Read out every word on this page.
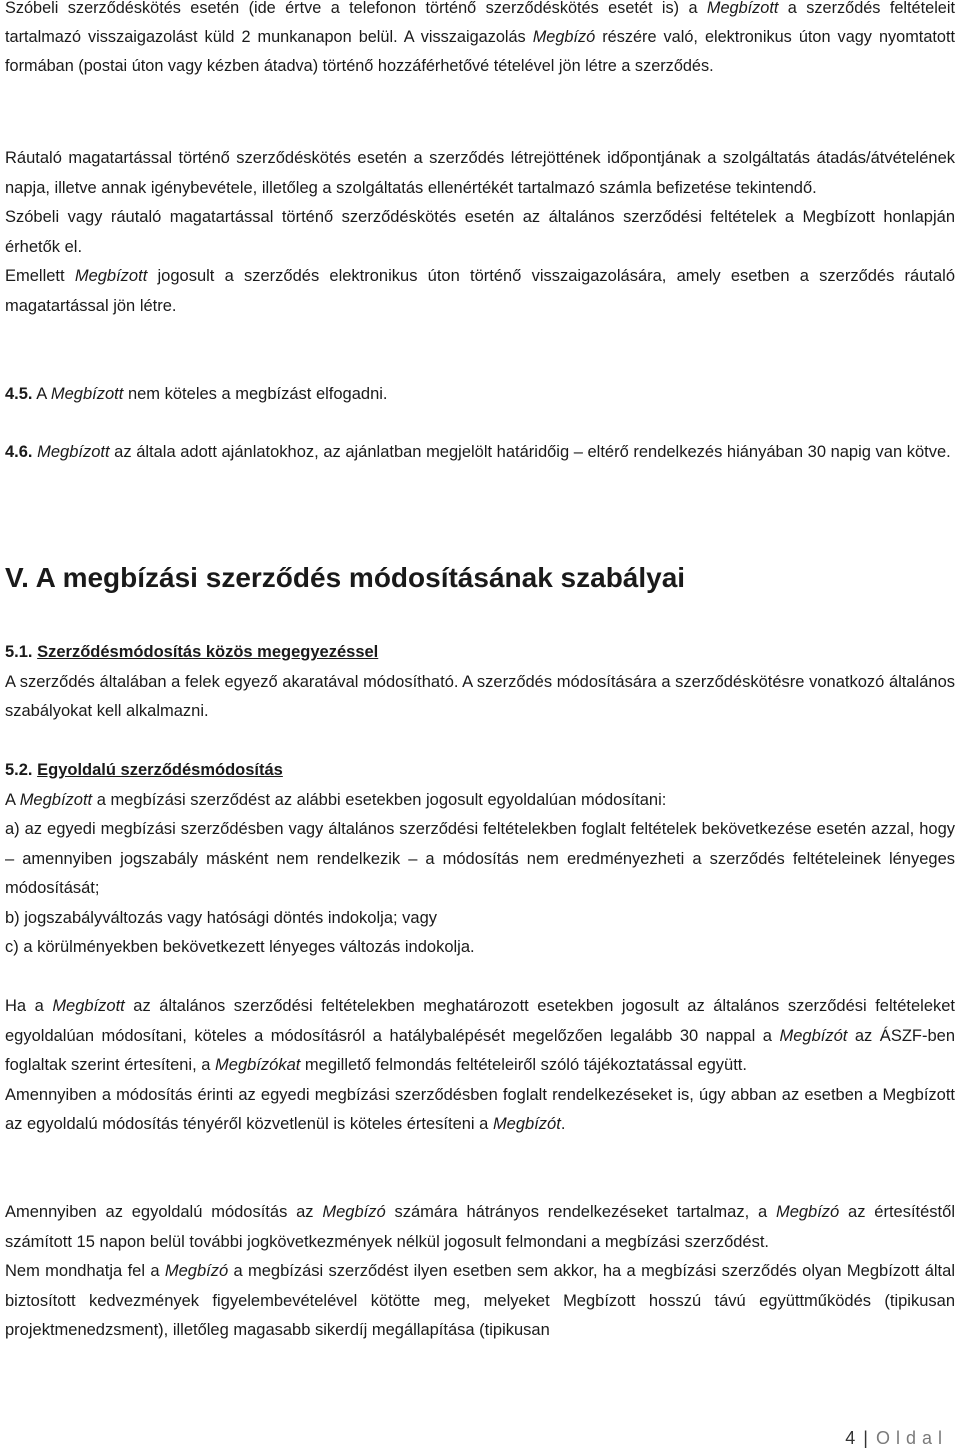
Szóbeli szerződéskötés esetén (ide értve a telefonon történő szerződéskötés esetét is) a Megbízott a szerződés feltételeit tartalmazó visszaigazolást küld 2 munkanapon belül. A visszaigazolás Megbízó részére való, elektronikus úton vagy nyomtatott formában (postai úton vagy kézben átadva) történő hozzáférhetővé tételével jön létre a szerződés.

Ráutaló magatartással történő szerződéskötés esetén a szerződés létrejöttének időpontjának a szolgáltatás átadás/átvételének napja, illetve annak igénybevétele, illetőleg a szolgáltatás ellenértékét tartalmazó számla befizetése tekintendő.

Szóbeli vagy ráutaló magatartással történő szerződéskötés esetén az általános szerződési feltételek a Megbízott honlapján érhetők el.

Emellett Megbízott jogosult a szerződés elektronikus úton történő visszaigazolására, amely esetben a szerződés ráutaló magatartással jön létre.

4.5. A Megbízott nem köteles a megbízást elfogadni.

4.6. Megbízott az általa adott ajánlatokhoz, az ajánlatban megjelölt határidőig – eltérő rendelkezés hiányában 30 napig van kötve.

V. A megbízási szerződés módosításának szabályai

5.1. Szerződésmódosítás közös megegyezéssel

A szerződés általában a felek egyező akaratával módosítható. A szerződés módosítására a szerződéskötésre vonatkozó általános szabályokat kell alkalmazni.

5.2. Egyoldalú szerződésmódosítás

A Megbízott a megbízási szerződést az alábbi esetekben jogosult egyoldalúan módosítani:

a) az egyedi megbízási szerződésben vagy általános szerződési feltételekben foglalt feltételek bekövetkezése esetén azzal, hogy – amennyiben jogszabály másként nem rendelkezik – a módosítás nem eredményezheti a szerződés feltételeinek lényeges módosítását;

b) jogszabályváltozás vagy hatósági döntés indokolja; vagy

c) a körülményekben bekövetkezett lényeges változás indokolja.

Ha a Megbízott az általános szerződési feltételekben meghatározott esetekben jogosult az általános szerződési feltételeket egyoldalúan módosítani, köteles a módosításról a hatálybalépését megelőzően legalább 30 nappal a Megbízót az ÁSZF-ben foglaltak szerint értesíteni, a Megbízókat megillető felmondás feltételeiről szóló tájékoztatással együtt.

Amennyiben a módosítás érinti az egyedi megbízási szerződésben foglalt rendelkezéseket is, úgy abban az esetben a Megbízott az egyoldalú módosítás tényéről közvetlenül is köteles értesíteni a Megbízót.

Amennyiben az egyoldalú módosítás az Megbízó számára hátrányos rendelkezéseket tartalmaz, a Megbízó az értesítéstől számított 15 napon belül további jogkövetkezmények nélkül jogosult felmondani a megbízási szerződést.

Nem mondhatja fel a Megbízó a megbízási szerződést ilyen esetben sem akkor, ha a megbízási szerződés olyan Megbízott által biztosított kedvezmények figyelembevételével kötötte meg, melyeket Megbízott hosszú távú együttműködés (tipikusan projektmenedzsment), illetőleg magasabb sikerdíj megállapítása (tipikusan

4 | Oldal
